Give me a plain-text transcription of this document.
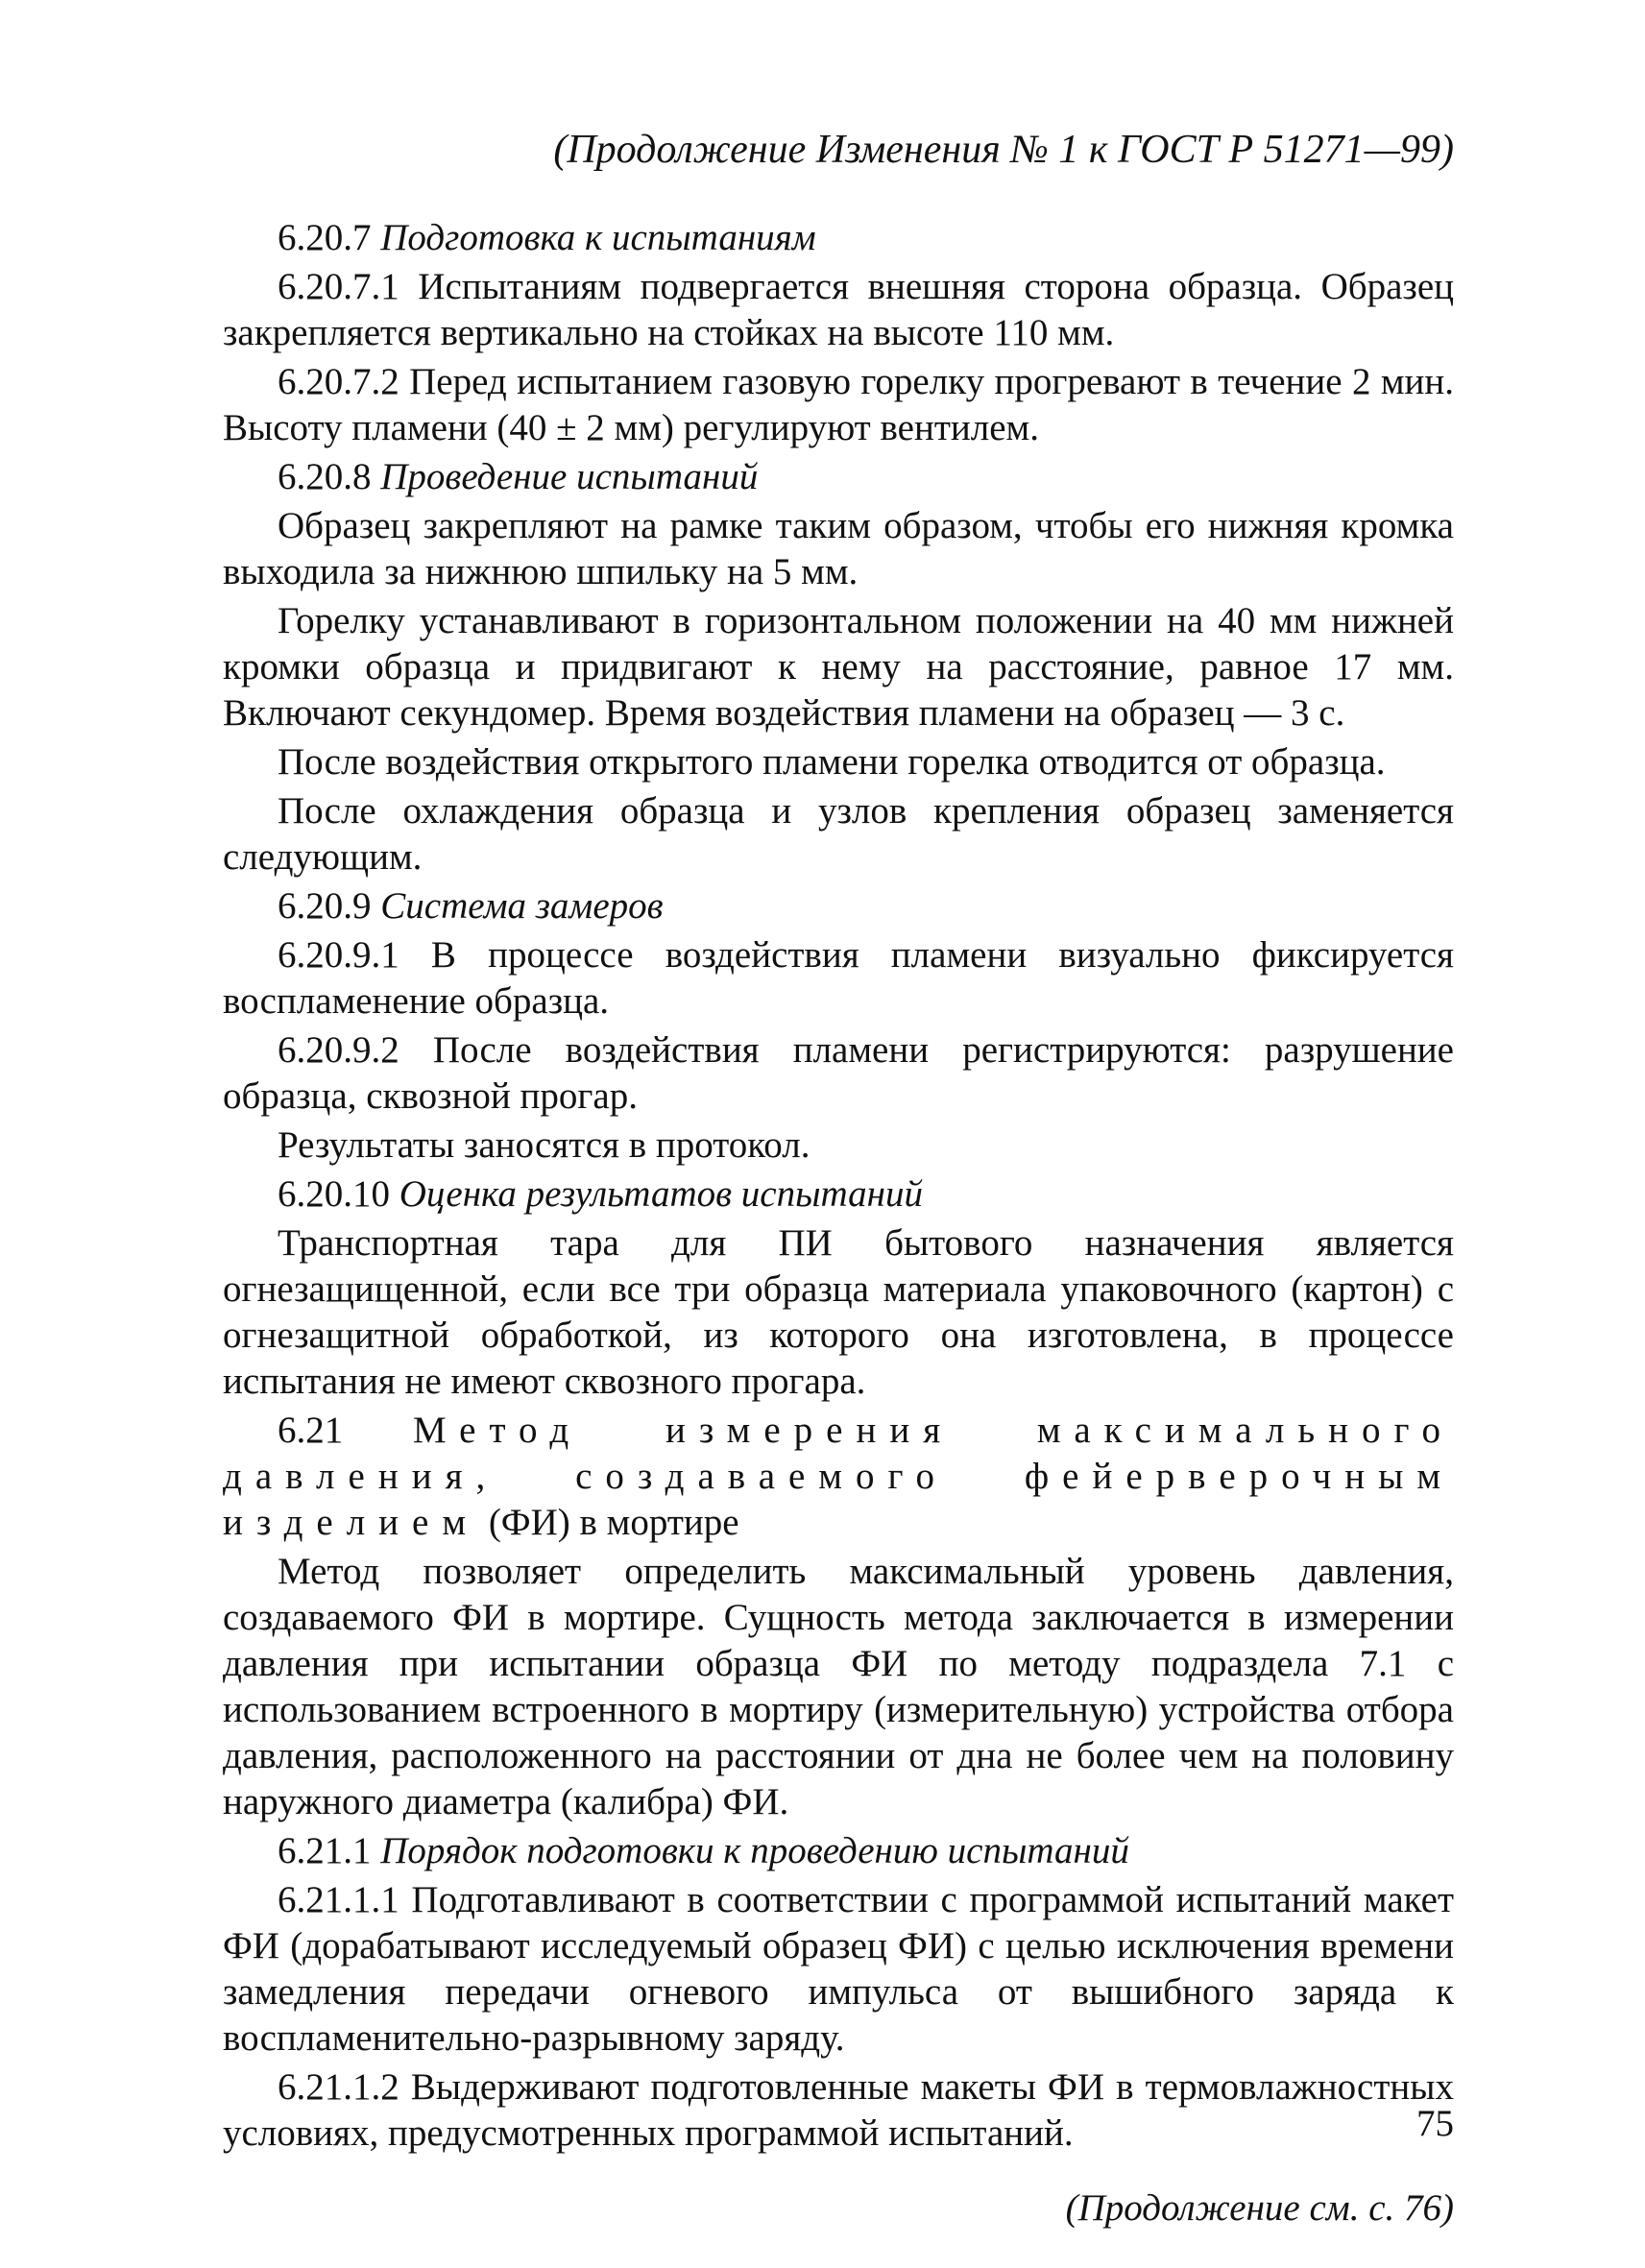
(Продолжение Изменения № 1 к ГОСТ Р 51271—99)

6.20.7 Подготовка к испытаниям

6.20.7.1 Испытаниям подвергается внешняя сторона образца. Образец закрепляется вертикально на стойках на высоте 110 мм.

6.20.7.2 Перед испытанием газовую горелку прогревают в течение 2 мин. Высоту пламени (40 ± 2 мм) регулируют вентилем.

6.20.8 Проведение испытаний

Образец закрепляют на рамке таким образом, чтобы его нижняя кромка выходила за нижнюю шпильку на 5 мм.

Горелку устанавливают в горизонтальном положении на 40 мм нижней кромки образца и придвигают к нему на расстояние, равное 17 мм. Включают секундомер. Время воздействия пламени на образец — 3 с.

После воздействия открытого пламени горелка отводится от образца.

После охлаждения образца и узлов крепления образец заменяется следующим.

6.20.9 Система замеров

6.20.9.1 В процессе воздействия пламени визуально фиксируется воспламенение образца.

6.20.9.2 После воздействия пламени регистрируются: разрушение образца, сквозной прогар.

Результаты заносятся в протокол.

6.20.10 Оценка результатов испытаний

Транспортная тара для ПИ бытового назначения является огнезащищенной, если все три образца материала упаковочного (картон) с огнезащитной обработкой, из которого она изготовлена, в процессе испытания не имеют сквозного прогара.

6.21 Метод измерения максимального давления, создаваемого фейерверочным изделием (ФИ) в мортире

Метод позволяет определить максимальный уровень давления, создаваемого ФИ в мортире. Сущность метода заключается в измерении давления при испытании образца ФИ по методу подраздела 7.1 с использованием встроенного в мортиру (измерительную) устройства отбора давления, расположенного на расстоянии от дна не более чем на половину наружного диаметра (калибра) ФИ.

6.21.1 Порядок подготовки к проведению испытаний

6.21.1.1 Подготавливают в соответствии с программой испытаний макет ФИ (дорабатывают исследуемый образец ФИ) с целью исключения времени замедления передачи огневого импульса от вышибного заряда к воспламенительно-разрывному заряду.

6.21.1.2 Выдерживают подготовленные макеты ФИ в термовлажностных условиях, предусмотренных программой испытаний.

(Продолжение см. с. 76)
75
